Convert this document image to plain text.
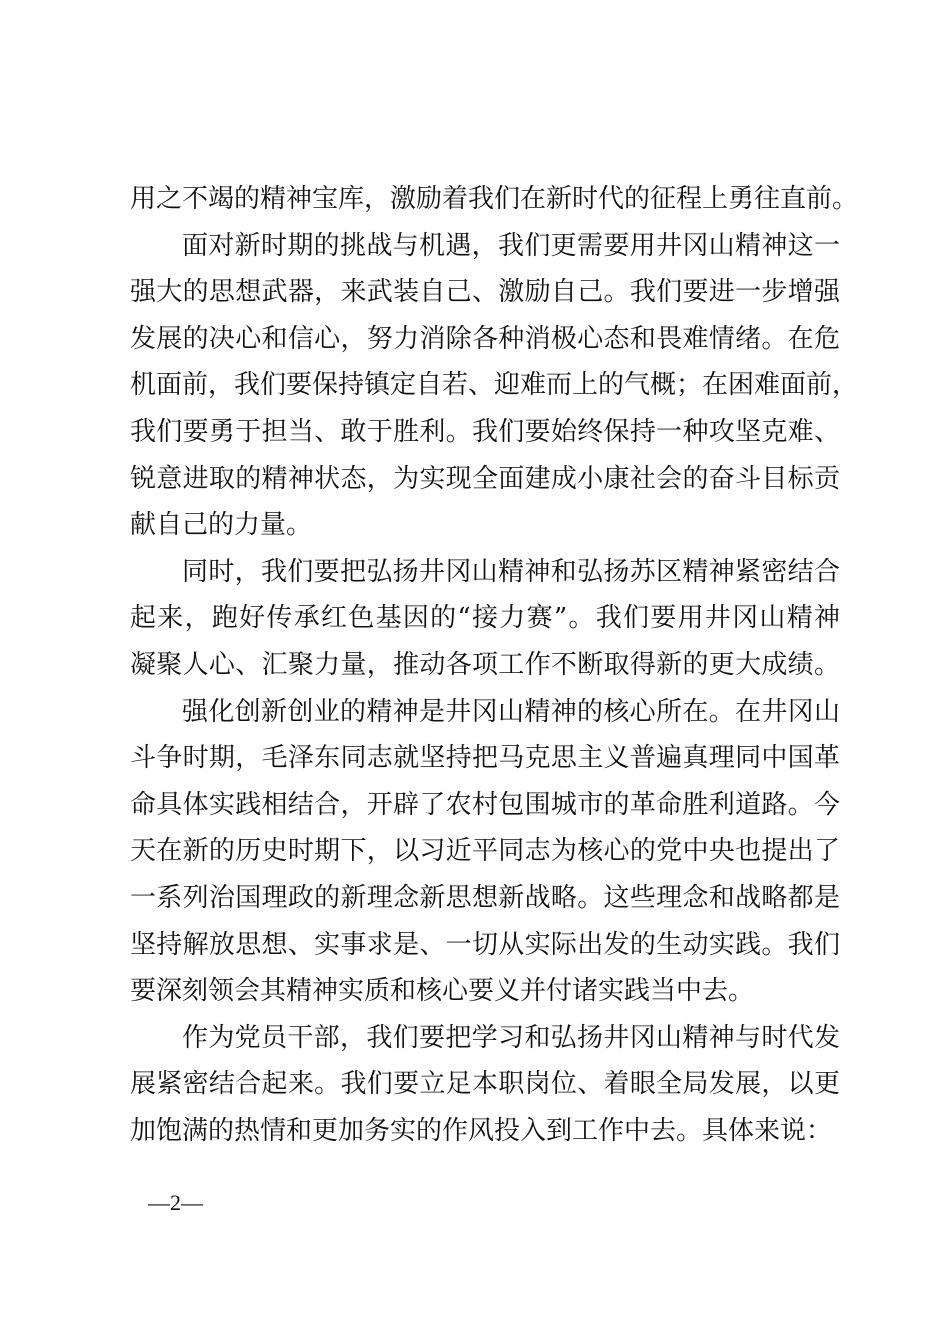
用之不竭的精神宝库，激励着我们在新时代的征程上勇往直前。
面对新时期的挑战与机遇，我们更需要用井冈山精神这一
强大的思想武器，来武装自己、激励自己。我们要进一步增强
发展的决心和信心，努力消除各种消极心态和畏难情绪。在危
机面前，我们要保持镇定自若、迎难而上的气概；在困难面前，
我们要勇于担当、敢于胜利。我们要始终保持一种攻坚克难、
锐意进取的精神状态，为实现全面建成小康社会的奋斗目标贡
献自己的力量。
同时，我们要把弘扬井冈山精神和弘扬苏区精神紧密结合
起来，跑好传承红色基因的“接力赛”。我们要用井冈山精神
凝聚人心、汇聚力量，推动各项工作不断取得新的更大成绩。
强化创新创业的精神是井冈山精神的核心所在。在井冈山
斗争时期，毛泽东同志就坚持把马克思主义普遍真理同中国革
命具体实践相结合，开辟了农村包围城市的革命胜利道路。今
天在新的历史时期下，以习近平同志为核心的党中央也提出了
一系列治国理政的新理念新思想新战略。这些理念和战略都是
坚持解放思想、实事求是、一切从实际出发的生动实践。我们
要深刻领会其精神实质和核心要义并付诸实践当中去。
作为党员干部，我们要把学习和弘扬井冈山精神与时代发
展紧密结合起来。我们要立足本职岗位、着眼全局发展，以更
加饱满的热情和更加务实的作风投入到工作中去。具体来说：
—2—
